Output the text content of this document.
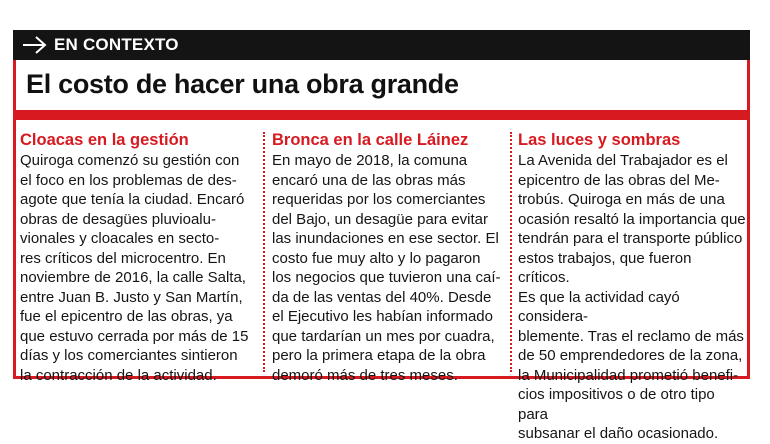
EN CONTEXTO
El costo de hacer una obra grande
Cloacas en la gestión

Quiroga comenzó su gestión con
el foco en los problemas de des-
agote que tenía la ciudad. Encaró
obras de desagües pluvioalu-
vionales y cloacales en secto-
res críticos del microcentro. En
noviembre de 2016, la calle Salta,
entre Juan B. Justo y San Martín,
fue el epicentro de las obras, ya
que estuvo cerrada por más de 15
días y los comerciantes sintieron
la contracción de la actividad.

Bronca en la calle Láinez

En mayo de 2018, la comuna
encaró una de las obras más
requeridas por los comerciantes
del Bajo, un desagüe para evitar
las inundaciones en ese sector. El
costo fue muy alto y lo pagaron
los negocios que tuvieron una caí-
da de las ventas del 40%. Desde
el Ejecutivo les habían informado
que tardarían un mes por cuadra,
pero la primera etapa de la obra
demoró más de tres meses.

Las luces y sombras

La Avenida del Trabajador es el
epicentro de las obras del Me-
trobús. Quiroga en más de una
ocasión resaltó la importancia que
tendrán para el transporte público
estos trabajos, que fueron críticos.
Es que la actividad cayó considera-
blemente. Tras el reclamo de más
de 50 emprendedores de la zona,
la Municipalidad prometió benefi-
cios impositivos o de otro tipo para
subsanar el daño ocasionado.
